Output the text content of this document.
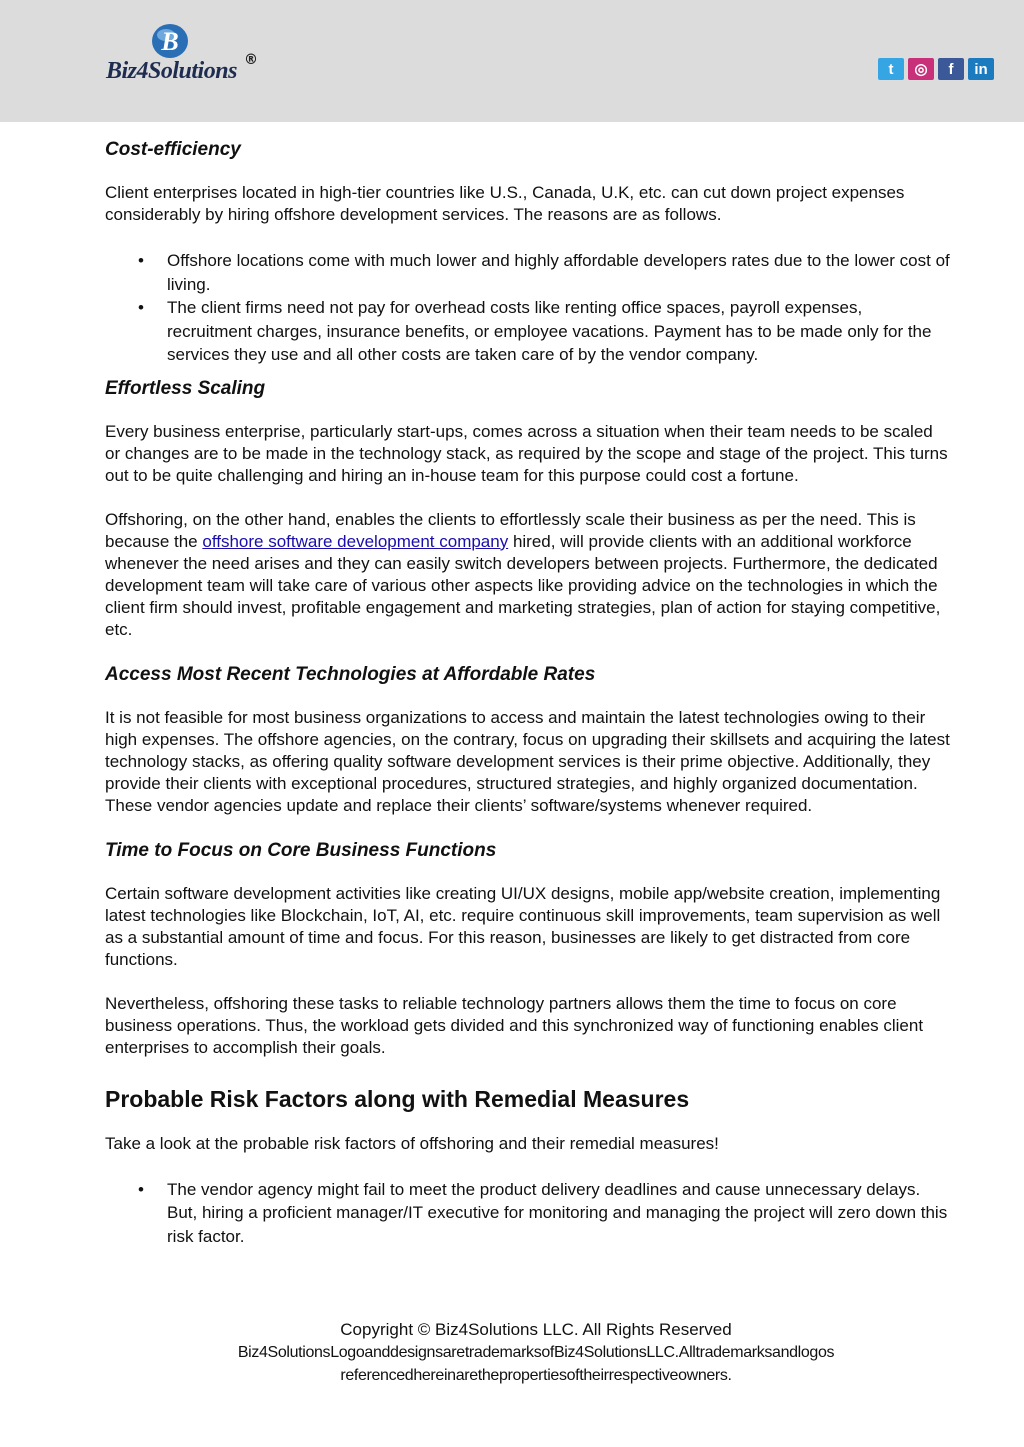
B
Biz4Solutions ®
t	◎	f	in
Cost-efficiency

Client enterprises located in high-tier countries like U.S., Canada, U.K, etc. can cut down project expenses considerably by hiring offshore development services. The reasons are as follows.

• Offshore locations come with much lower and highly affordable developers rates due to the lower cost of living.
• The client firms need not pay for overhead costs like renting office spaces, payroll expenses, recruitment charges, insurance benefits, or employee vacations. Payment has to be made only for the services they use and all other costs are taken care of by the vendor company.
Effortless Scaling

Every business enterprise, particularly start-ups, comes across a situation when their team needs to be scaled or changes are to be made in the technology stack, as required by the scope and stage of the project. This turns out to be quite challenging and hiring an in-house team for this purpose could cost a fortune.

Offshoring, on the other hand, enables the clients to effortlessly scale their business as per the need. This is because the offshore software development company hired, will provide clients with an additional workforce whenever the need arises and they can easily switch developers between projects. Furthermore, the dedicated development team will take care of various other aspects like providing advice on the technologies in which the client firm should invest, profitable engagement and marketing strategies, plan of action for staying competitive, etc.

Access Most Recent Technologies at Affordable Rates

It is not feasible for most business organizations to access and maintain the latest technologies owing to their high expenses. The offshore agencies, on the contrary, focus on upgrading their skillsets and acquiring the latest technology stacks, as offering quality software development services is their prime objective. Additionally, they provide their clients with exceptional procedures, structured strategies, and highly organized documentation. These vendor agencies update and replace their clients’ software/systems whenever required.

Time to Focus on Core Business Functions

Certain software development activities like creating UI/UX designs, mobile app/website creation, implementing latest technologies like Blockchain, IoT, AI, etc. require continuous skill improvements, team supervision as well as a substantial amount of time and focus. For this reason, businesses are likely to get distracted from core functions.

Nevertheless, offshoring these tasks to reliable technology partners allows them the time to focus on core business operations. Thus, the workload gets divided and this synchronized way of functioning enables client enterprises to accomplish their goals.

Probable Risk Factors along with Remedial Measures

Take a look at the probable risk factors of offshoring and their remedial measures!

• The vendor agency might fail to meet the product delivery deadlines and cause unnecessary delays. But, hiring a proficient manager/IT executive for monitoring and managing the project will zero down this risk factor.
Copyright © Biz4Solutions LLC. All Rights Reserved
Biz4SolutionsLogoanddesignsaretrademarksofBiz4SolutionsLLC.Alltrademarksandlogos
referencedhereinarethepropertiesoftheirrespectiveowners.
